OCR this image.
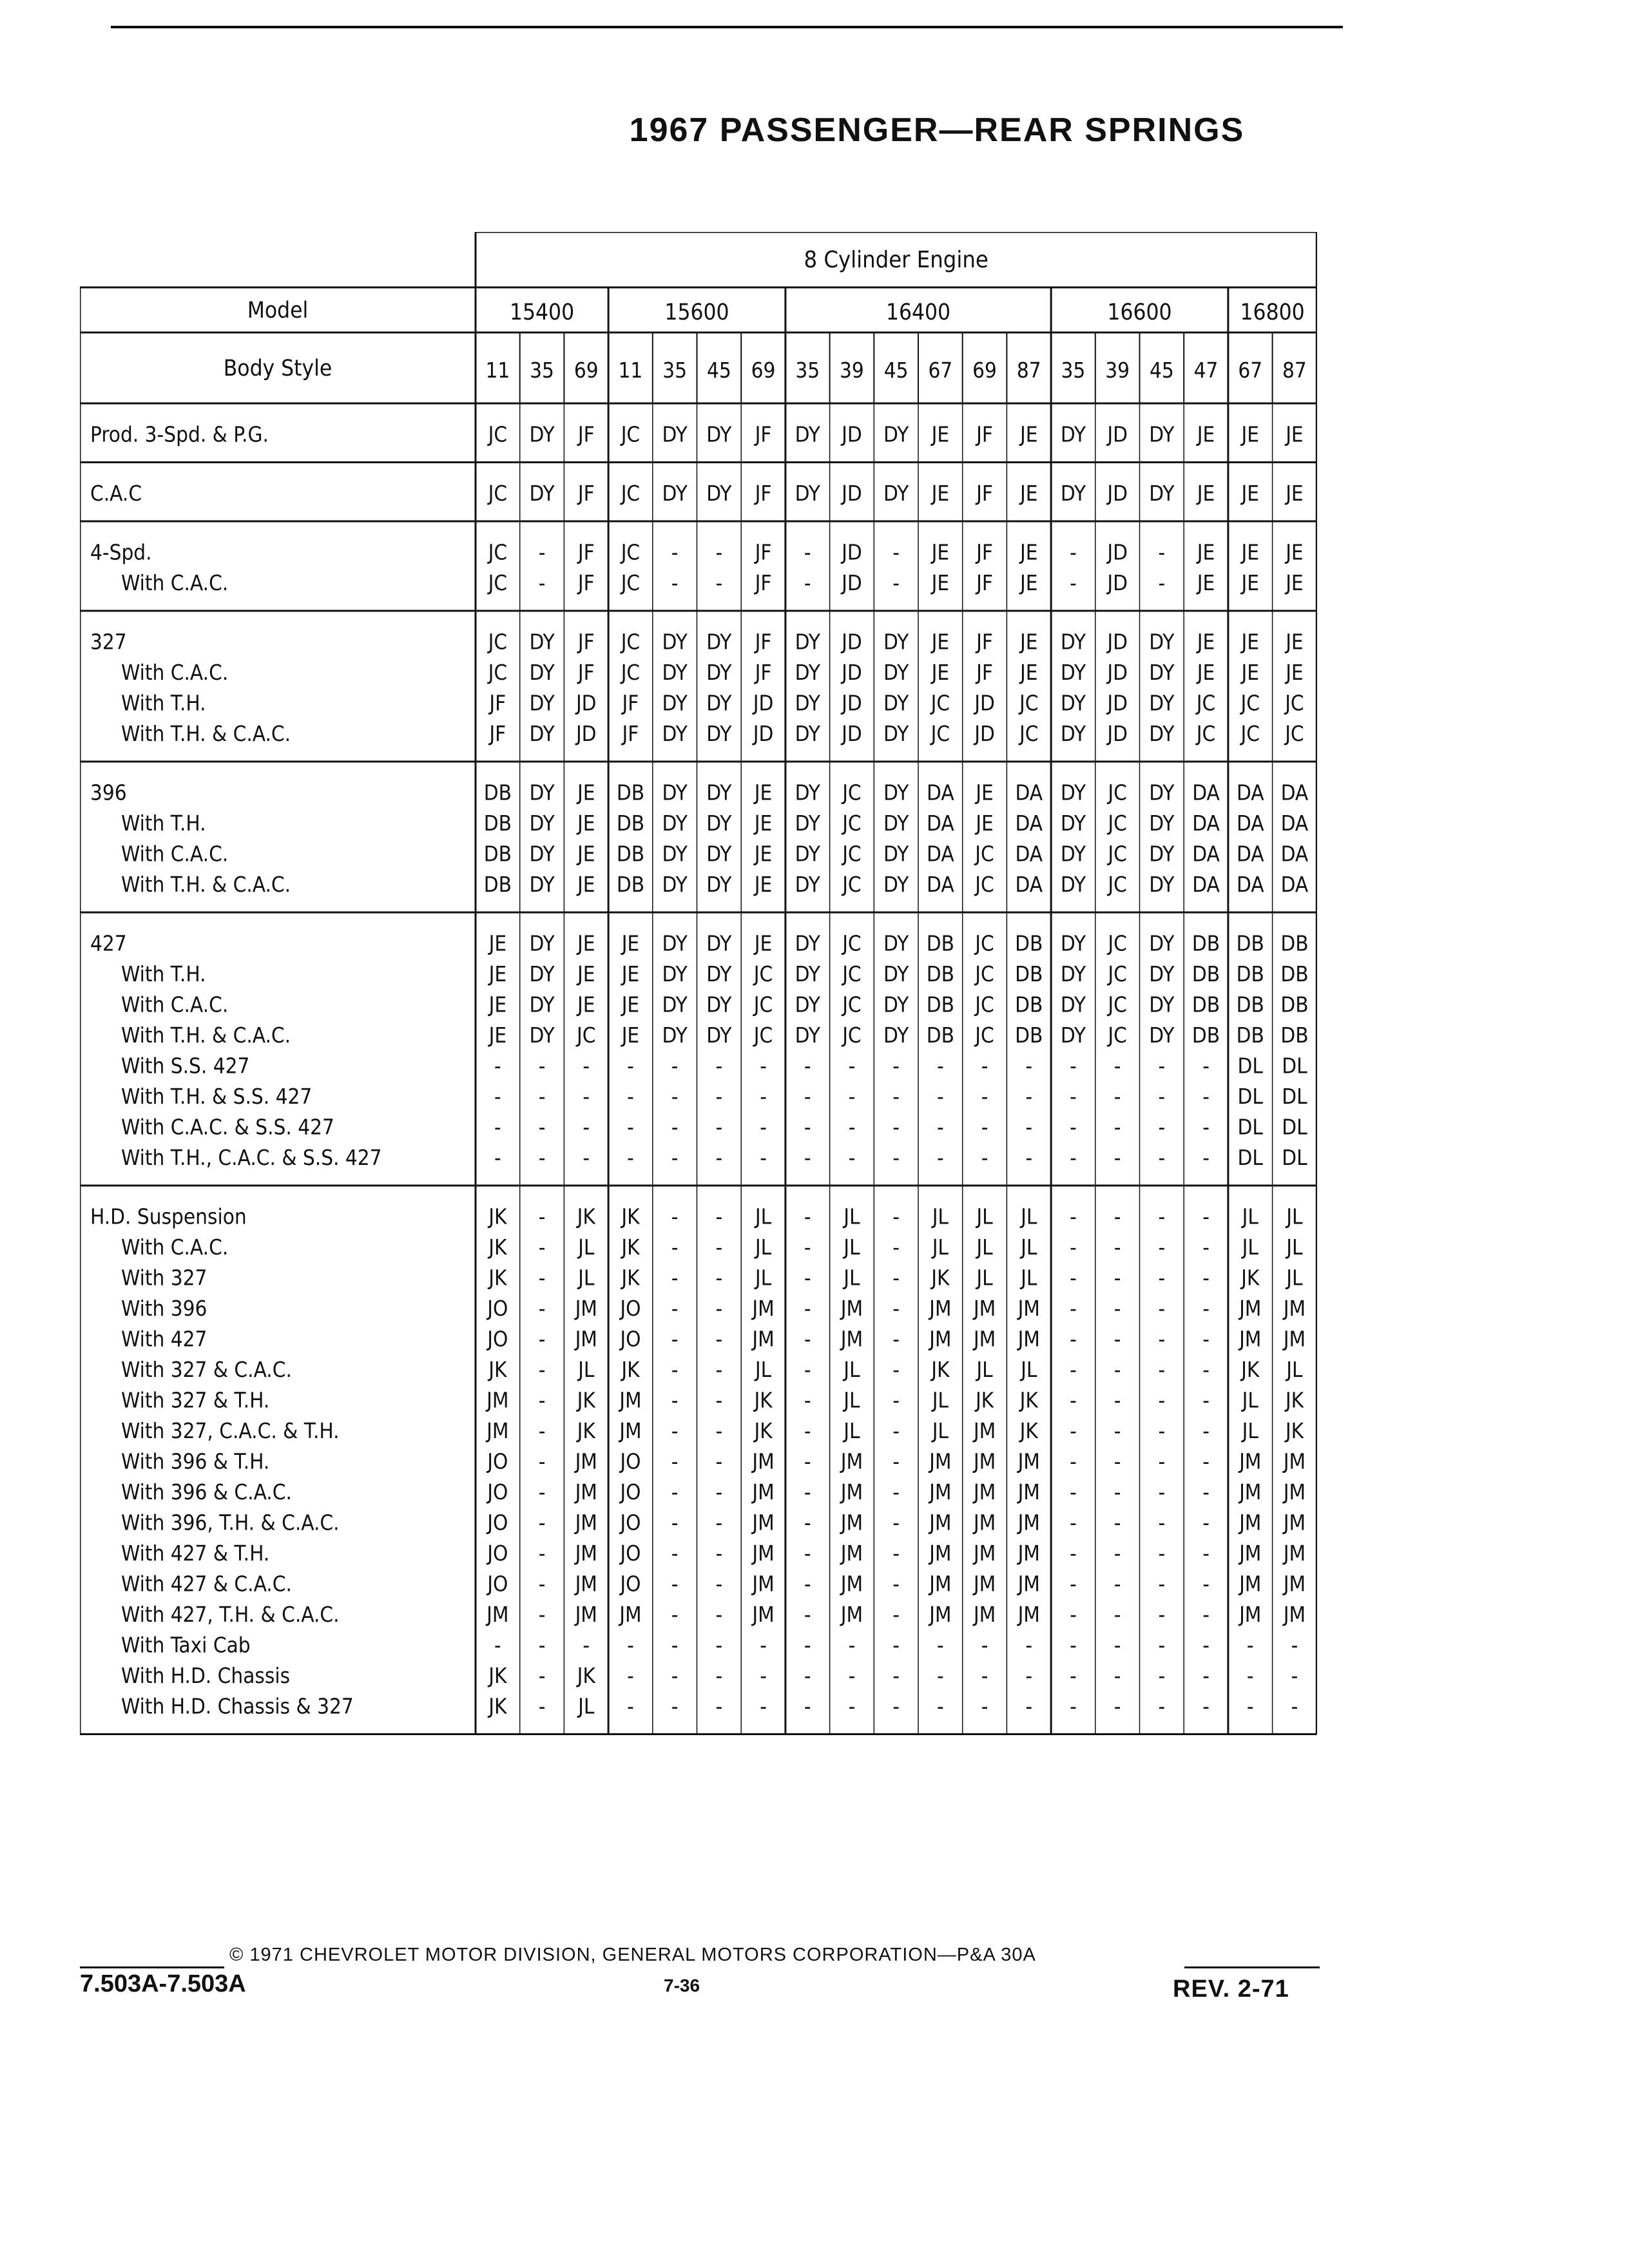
1967 PASSENGER—REAR SPRINGS
8 Cylinder Engine
Model
Body Style
15400
11 35 69
15600
11 35 45 69
16400
35 39 45 67 69 87
16600
35 39 45 47
16800
67 87
Prod. 3-Spd. & P.G.	JC DY JF JC DY DY JF DY JD DY JE JF JE DY JD DY JE JE JE
C.A.C	JC DY JF JC DY DY JF DY JD DY JE JF JE DY JD DY JE JE JE
4-Spd.	JC - JF JC - - JF - JD - JE JF JE - JD - JE JE JE
With C.A.C.	JC - JF JC - - JF - JD - JE JF JE - JD - JE JE JE
327	JC DY JF JC DY DY JF DY JD DY JE JF JE DY JD DY JE JE JE
With C.A.C.	JC DY JF JC DY DY JF DY JD DY JE JF JE DY JD DY JE JE JE
With T.H.	JF DY JD JF DY DY JD DY JD DY JC JD JC DY JD DY JC JC JC
With T.H. & C.A.C.	JF DY JD JF DY DY JD DY JD DY JC JD JC DY JD DY JC JC JC
396	DB DY JE DB DY DY JE DY JC DY DA JE DA DY JC DY DA DA DA
With T.H.	DB DY JE DB DY DY JE DY JC DY DA JE DA DY JC DY DA DA DA
With C.A.C.	DB DY JE DB DY DY JE DY JC DY DA JC DA DY JC DY DA DA DA
With T.H. & C.A.C.	DB DY JE DB DY DY JE DY JC DY DA JC DA DY JC DY DA DA DA
427	JE DY JE JE DY DY JE DY JC DY DB JC DB DY JC DY DB DB DB
With T.H.	JE DY JE JE DY DY JC DY JC DY DB JC DB DY JC DY DB DB DB
With C.A.C.	JE DY JE JE DY DY JC DY JC DY DB JC DB DY JC DY DB DB DB
With T.H. & C.A.C.	JE DY JC JE DY DY JC DY JC DY DB JC DB DY JC DY DB DB DB
With S.S. 427	- - - - - - - - - - - - - - - - - DL DL
With T.H. & S.S. 427	- - - - - - - - - - - - - - - - - DL DL
With C.A.C. & S.S. 427	- - - - - - - - - - - - - - - - - DL DL
With T.H., C.A.C. & S.S. 427	- - - - - - - - - - - - - - - - - DL DL
H.D. Suspension	JK - JK JK - - JL - JL - JL JL JL - - - - JL JL
With C.A.C.	JK - JL JK - - JL - JL - JL JL JL - - - - JL JL
With 327	JK - JL JK - - JL - JL - JK JL JL - - - - JK JL
With 396	JO - JM JO - - JM - JM - JM JM JM - - - - JM JM
With 427	JO - JM JO - - JM - JM - JM JM JM - - - - JM JM
With 327 & C.A.C.	JK - JL JK - - JL - JL - JK JL JL - - - - JK JL
With 327 & T.H.	JM - JK JM - - JK - JL - JL JK JK - - - - JL JK
With 327, C.A.C. & T.H.	JM - JK JM - - JK - JL - JL JM JK - - - - JL JK
With 396 & T.H.	JO - JM JO - - JM - JM - JM JM JM - - - - JM JM
With 396 & C.A.C.	JO - JM JO - - JM - JM - JM JM JM - - - - JM JM
With 396, T.H. & C.A.C.	JO - JM JO - - JM - JM - JM JM JM - - - - JM JM
With 427 & T.H.	JO - JM JO - - JM - JM - JM JM JM - - - - JM JM
With 427 & C.A.C.	JO - JM JO - - JM - JM - JM JM JM - - - - JM JM
With 427, T.H. & C.A.C.	JM - JM JM - - JM - JM - JM JM JM - - - - JM JM
With Taxi Cab	- - - - - - - - - - - - - - - - - - -
With H.D. Chassis	JK - JK - - - - - - - - - - - - - - - -
With H.D. Chassis & 327	JK - JL - - - - - - - - - - - - - - - -
© 1971 CHEVROLET MOTOR DIVISION, GENERAL MOTORS CORPORATION—P&A 30A
7.503A-7.503A	7-36	REV. 2-71
